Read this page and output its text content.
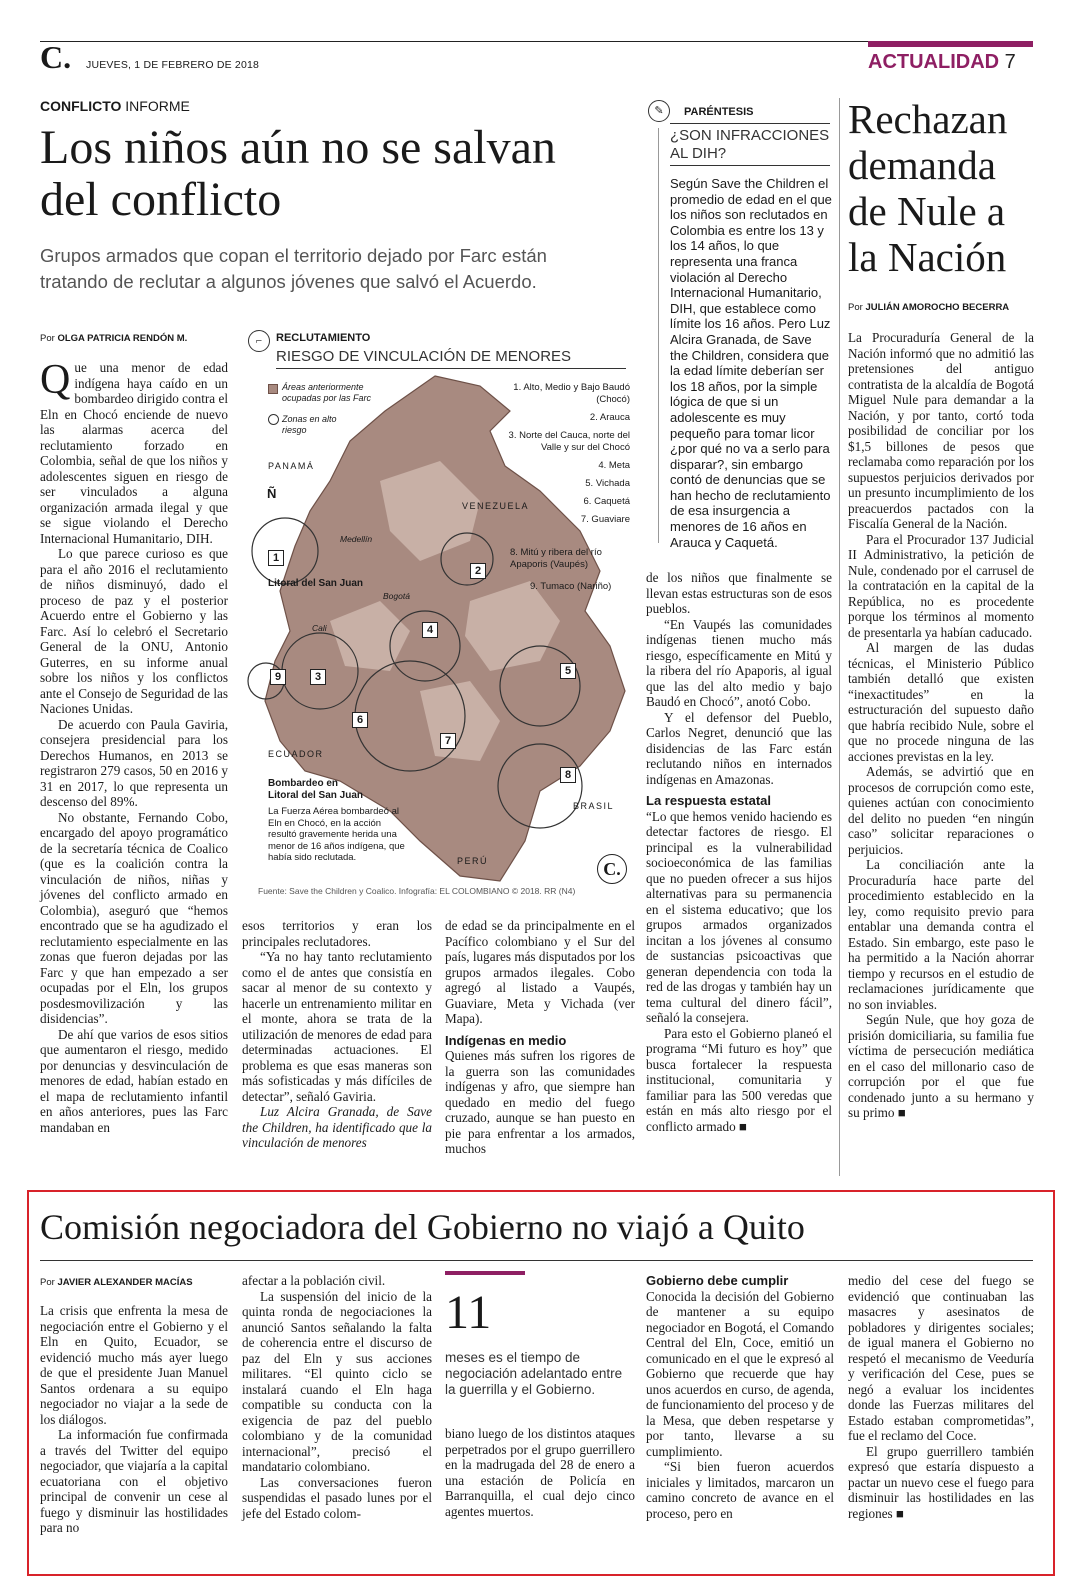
C. JUEVES, 1 DE FEBRERO DE 2018	ACTUALIDAD 7
CONFLICTO INFORME
Los niños aún no se salvan del conflicto
Grupos armados que copan el territorio dejado por Farc están tratando de reclutar a algunos jóvenes que salvó el Acuerdo.
Por OLGA PATRICIA RENDÓN M.

Que una menor de edad indígena haya caído en un bombardeo dirigido contra el Eln en Chocó enciende de nuevo las alarmas acerca del reclutamiento forzado en Colombia, señal de que los niños y adolescentes siguen en riesgo de ser vinculados a alguna organización armada ilegal y que se sigue violando el Derecho Internacional Humanitario, DIH.

Lo que parece curioso es que para el año 2016 el reclutamiento de niños disminuyó, dado el proceso de paz y el posterior Acuerdo entre el Gobierno y las Farc. Así lo celebró el Secretario General de la ONU, Antonio Guterres, en su informe anual sobre los niños y los conflictos ante el Consejo de Seguridad de las Naciones Unidas.

De acuerdo con Paula Gaviria, consejera presidencial para los Derechos Humanos, en 2013 se registraron 279 casos, 50 en 2016 y 31 en 2017, lo que representa un descenso del 89%.

No obstante, Fernando Cobo, encargado del apoyo programático de la secretaría técnica de Coalico (que es la coalición contra la vinculación de niños, niñas y jóvenes del conflicto armado en Colombia), aseguró que “hemos encontrado que se ha agudizado el reclutamiento especialmente en las zonas que fueron dejadas por las Farc y que han empezado a ser ocupadas por el Eln, los grupos posdesmovilización y las disidencias”.

De ahí que varios de esos sitios que aumentaron el riesgo, medido por denuncias y desvinculación de menores de edad, habían estado en el mapa de reclutamiento infantil en años anteriores, pues las Farc mandaban en

RECLUTAMIENTO
⌐
RIESGO DE VINCULACIÓN DE MENORES
Áreas anteriormente ocupadas por las Farc
Zonas en alto riesgo
PANAMÁ
VENEZUELA
ECUADOR
BRASIL
PERÚ
Ñ
Medellín
Bogotá
Cali
1. Alto, Medio y Bajo Baudó (Chocó)
2. Arauca
3. Norte del Cauca, norte del Valle y sur del Chocó
4. Meta
5. Vichada
6. Caquetá
7. Guaviare
8. Mitú y ribera del río Apaporis (Vaupés)
9. Tumaco (Nariño)
1
2
3
4
5
6
7
8
9
Litoral del San Juan
Bombardeo en Litoral del San Juan
La Fuerza Aérea bombardeó al Eln en Chocó, en la acción resultó gravemente herida una menor de 16 años indígena, que había sido reclutada.
C.
Fuente: Save the Children y Coalico. Infografía: EL COLOMBIANO © 2018. RR (N4)

esos territorios y eran los principales reclutadores.

“Ya no hay tanto reclutamiento como el de antes que consistía en sacar al menor de su contexto y hacerle un entrenamiento militar en el monte, ahora se trata de la utilización de menores de edad para determinadas actuaciones. El problema es que esas maneras son más sofisticadas y más difíciles de detectar”, señaló Gaviria.

Luz Alcira Granada, de Save the Children, ha identificado que la vinculación de menores

de edad se da principalmente en el Pacífico colombiano y el Sur del país, lugares más disputados por los grupos armados ilegales. Cobo agregó al listado a Vaupés, Guaviare, Meta y Vichada (ver Mapa).

Indígenas en medio

Quienes más sufren los rigores de la guerra son las comunidades indígenas y afro, que siempre han quedado en medio del fuego cruzado, aunque se han puesto en pie para enfrentar a los armados, muchos

de los niños que finalmente se llevan estas estructuras son de esos pueblos.

“En Vaupés las comunidades indígenas tienen mucho más riesgo, específicamente en Mitú y la ribera del río Apaporis, al igual que las del alto medio y bajo Baudó en Chocó”, anotó Cobo.

Y el defensor del Pueblo, Carlos Negret, denunció que las disidencias de las Farc están reclutando niños en internados indígenas en Amazonas.

La respuesta estatal

“Lo que hemos venido haciendo es detectar factores de riesgo. El principal es la vulnerabilidad socioeconómica de las familias que no pueden ofrecer a sus hijos alternativas para su permanencia en el sistema educativo; que los grupos armados organizados incitan a los jóvenes al consumo de sustancias psicoactivas que generan dependencia con toda la red de las drogas y también hay un tema cultural del dinero fácil”, señaló la consejera.

Para esto el Gobierno planeó el programa “Mi futuro es hoy” que busca fortalecer la respuesta institucional, comunitaria y familiar para las 500 veredas que están en más alto riesgo por el conflicto armado ■

✎	PARÉNTESIS
¿SON INFRACCIONES AL DIH?
Según Save the Children el promedio de edad en el que los niños son reclutados en Colombia es entre los 13 y los 14 años, lo que representa una franca violación al Derecho Internacional Humanitario, DIH, que establece como límite los 16 años. Pero Luz Alcira Granada, de Save the Children, considera que la edad límite deberían ser los 18 años, por la simple lógica de que si un adolescente es muy pequeño para tomar licor ¿por qué no va a serlo para disparar?, sin embargo contó de denuncias que se han hecho de reclutamiento de esa insurgencia a menores de 16 años en Arauca y Caquetá.
Rechazan demanda de Nule a la Nación
Por JULIÁN AMOROCHO BECERRA

La Procuraduría General de la Nación informó que no admitió las pretensiones del antiguo contratista de la alcaldía de Bogotá Miguel Nule para demandar a la Nación, y por tanto, cortó toda posibilidad de conciliar por los $1,5 billones de pesos que reclamaba como reparación por los supuestos perjuicios derivados por un presunto incumplimiento de los preacuerdos pactados con la Fiscalía General de la Nación.

Para el Procurador 137 Judicial II Administrativo, la petición de Nule, condenado por el carrusel de la contratación en la capital de la República, no es procedente porque los términos al momento de presentarla ya habían caducado.

Al margen de las dudas técnicas, el Ministerio Público también detalló que existen “inexactitudes” en la estructuración del supuesto daño que habría recibido Nule, sobre el que no procede ninguna de las acciones previstas en la ley.

Además, se advirtió que en procesos de corrupción como este, quienes actúan con conocimiento del delito no pueden “en ningún caso” solicitar reparaciones o perjuicios.

La conciliación ante la Procuraduría hace parte del procedimiento establecido en la ley, como requisito previo para entablar una demanda contra el Estado. Sin embargo, este paso le ha permitido a la Nación ahorrar tiempo y recursos en el estudio de reclamaciones jurídicamente que no son inviables.

Según Nule, que hoy goza de prisión domiciliaria, su familia fue víctima de persecución mediática en el caso del millonario caso de corrupción por el que fue condenado junto a su hermano y su primo ■

Comisión negociadora del Gobierno no viajó a Quito
Por JAVIER ALEXANDER MACÍAS

La crisis que enfrenta la mesa de negociación entre el Gobierno y el Eln en Quito, Ecuador, se evidenció mucho más ayer luego de que el presidente Juan Manuel Santos ordenara a su equipo negociador no viajar a la sede de los diálogos.

La información fue confirmada a través del Twitter del equipo negociador, que viajaría a la capital ecuatoriana con el objetivo principal de convenir un cese al fuego y disminuir las hostilidades para no

afectar a la población civil.

La suspensión del inicio de la quinta ronda de negociaciones la anunció Santos señalando la falta de coherencia entre el discurso de paz del Eln y sus acciones militares. “El quinto ciclo se instalará cuando el Eln haga compatible su conducta con la exigencia de paz del pueblo colombiano y de la comunidad internacional”, precisó el mandatario colombiano.

Las conversaciones fueron suspendidas el pasado lunes por el jefe del Estado colom-

11
meses es el tiempo de negociación adelantado entre la guerrilla y el Gobierno.

biano luego de los distintos ataques perpetrados por el grupo guerrillero en la madrugada del 28 de enero a una estación de Policía en Barranquilla, el cual dejo cinco agentes muertos.

Gobierno debe cumplir

Conocida la decisión del Gobierno de mantener a su equipo negociador en Bogotá, el Comando Central del Eln, Coce, emitió un comunicado en el que le expresó al Gobierno que recuerde que hay unos acuerdos en curso, de agenda, de funcionamiento del proceso y de la Mesa, que deben respetarse y por tanto, llevarse a su cumplimiento.

“Si bien fueron acuerdos iniciales y limitados, marcaron un camino concreto de avance en el proceso, pero en

medio del cese del fuego se evidenció que continuaban las masacres y asesinatos de pobladores y dirigentes sociales; de igual manera el Gobierno no respetó el mecanismo de Veeduría y verificación del Cese, pues se negó a evaluar los incidentes donde las Fuerzas militares del Estado estaban comprometidas”, fue el reclamo del Coce.

El grupo guerrillero también expresó que estaría dispuesto a pactar un nuevo cese el fuego para disminuir las hostilidades en las regiones ■
